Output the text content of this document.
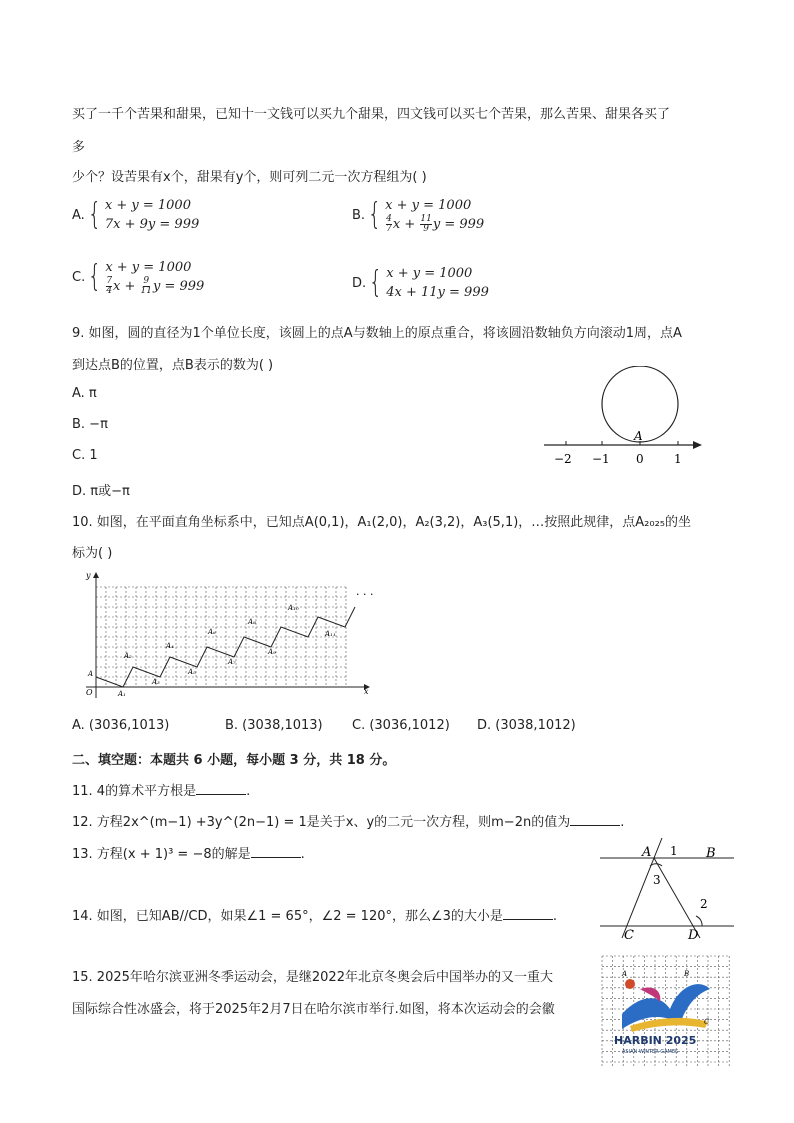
买了一千个苦果和甜果，已知十一文钱可以买九个甜果，四文钱可以买七个苦果，那么苦果、甜果各买了
多
少个？设苦果有x个，甜果有y个，则可列二元一次方程组为( )
A. { x + y = 1000
7x + 9y = 999
B. { x + y = 1000
$\frac{4}{7}$ $x + \frac{11}{9}$ y = 999
C. { x + y = 1000
$\frac{7}{4}$ $x + \frac{9}{11}$ y = 999	D. { x + y = 1000
4x + 11y = 999
9. 如图，圆的直径为1个单位长度，该圆上的点A与数轴上的原点重合，将该圆沿数轴负方向滚动1周，点A
到达点B的位置，点B表示的数为( )
A. π
B. −π
C. 1
D. π或−π
A
−2 −1 0	1
10. 如图，在平面直角坐标系中，已知点A(0,1)，A₁(2,0)，A₂(3,2)，A₃(5,1)，…按照此规律，点A₂₀₂₅的坐
标为( )
x
y
O
A
A₁
A₂
A₃
A₄
A₅
A₆
A₇
A₈
A₉
A₁₀
A₁₁
· · ·
A. (3036,1013)	B. (3038,1013) C. (3036,1012) D. (3038,1012)
二、填空题：本题共 6 小题，每小题 3 分，共 18 分。
11. 4的算术平方根是	.
12. 方程2x^(m−1) +3y^(2n−1) = 1是关于x、y的二元一次方程，则m−2n的值为	.
13. 方程(x + 1)³ = −8的解是	.
14. 如图，已知AB//CD，如果∠1 = 65°，∠2 = 120°，那么∠3的大小是	.
A 1 B
3
2
C	D
15. 2025年哈尔滨亚洲冬季运动会，是继2022年北京冬奥会后中国举办的又一重大
国际综合性冰盛会，将于2025年2月7日在哈尔滨市举行.如图，将本次运动会的会徽
HARBIN 2025
ASIAN WINTER GAMES
A	B
C
